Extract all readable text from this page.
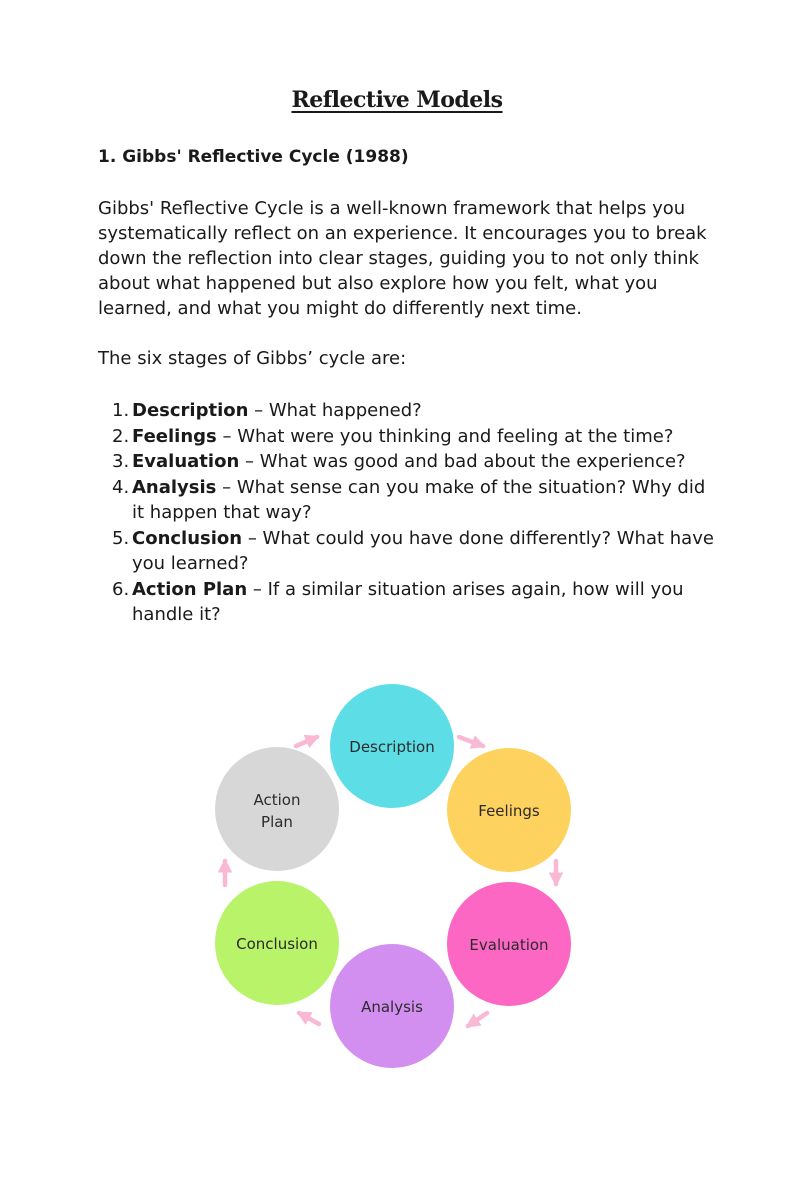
Reflective Models
1. Gibbs' Reflective Cycle (1988)

Gibbs' Reflective Cycle is a well-known framework that helps you systematically reflect on an experience. It encourages you to break down the reflection into clear stages, guiding you to not only think about what happened but also explore how you felt, what you learned, and what you might do differently next time.

The six stages of Gibbs’ cycle are:

1. Description – What happened?
2. Feelings – What were you thinking and feeling at the time?
3. Evaluation – What was good and bad about the experience?
4. Analysis – What sense can you make of the situation? Why did it happen that way?
5. Conclusion – What could you have done differently? What have you learned?
6. Action Plan – If a similar situation arises again, how will you handle it?
Description
Feelings
Evaluation
Analysis
Conclusion
Action
Plan
